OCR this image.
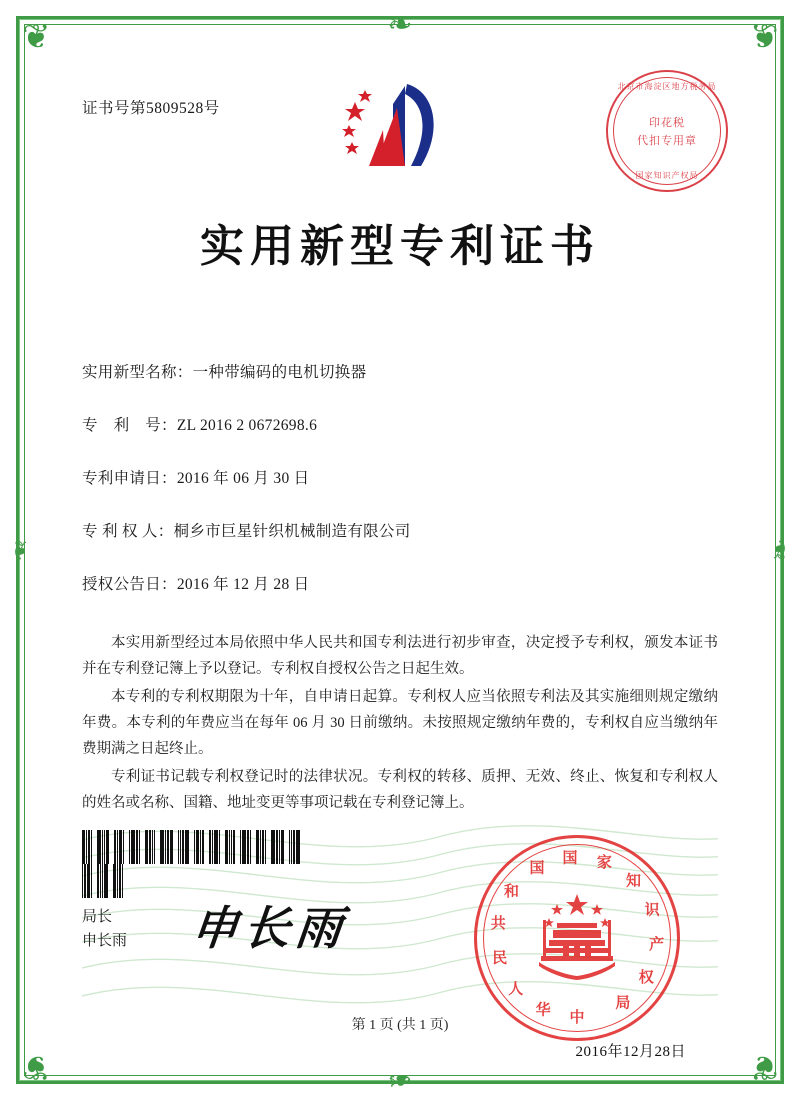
❦	❦
❦	❦
❧
❧
❧	❧
证书号第5809528号
北京市海淀区地方税务局
印花税
代扣专用章
国家知识产权局
实用新型专利证书
实用新型名称：一种带编码的电机切换器
专　利　号：ZL 2016 2 0672698.6
专利申请日：2016 年 06 月 30 日
专 利 权 人：桐乡市巨星针织机械制造有限公司
授权公告日：2016 年 12 月 28 日

本实用新型经过本局依照中华人民共和国专利法进行初步审查，决定授予专利权，颁发本证书并在专利登记簿上予以登记。专利权自授权公告之日起生效。

本专利的专利权期限为十年，自申请日起算。专利权人应当依照专利法及其实施细则规定缴纳年费。本专利的年费应当在每年 06 月 30 日前缴纳。未按照规定缴纳年费的，专利权自应当缴纳年费期满之日起终止。

专利证书记载专利权登记时的法律状况。专利权的转移、质押、无效、终止、恢复和专利权人的姓名或名称、国籍、地址变更等事项记载在专利登记簿上。

局长
申长雨 申长雨
中
华
人
民
共
和
国
国 家
知
识
产
权
局
2016年12月28日
第 1 页 (共 1 页)
